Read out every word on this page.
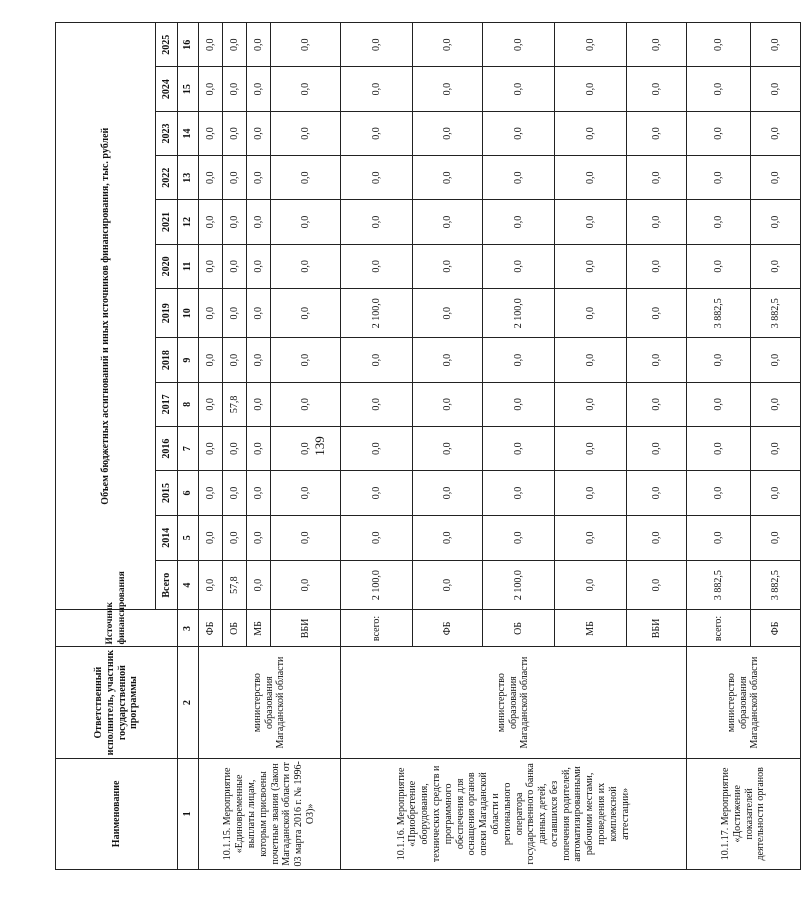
139
Наименование	Ответственный исполнитель, участник государственной программы	Источник финансирования	Объем бюджетных ассигнований и иных источников финансирования, тыс. рублей												
			Всего	2014	2015	2016	2017	2018	2019	2020	2021	2022	2023	2024	2025
1	2	3	4	5	6	7	8	9	10	11	12	13	14	15	16
10.1.15. Мероприятие «Единовременные выплаты лицам, которым присвоены почетные звания (Закон Магаданской области от 03 марта 2016 г. № 1996-ОЗ)»	министерство образования Магаданской области	ФБ	0,0	0,0	0,0	0,0	0,0	0,0	0,0	0,0	0,0	0,0	0,0	0,0	0,0
		ОБ	57,8	0,0	0,0	0,0	57,8	0,0	0,0	0,0	0,0	0,0	0,0	0,0	0,0
		МБ	0,0	0,0	0,0	0,0	0,0	0,0	0,0	0,0	0,0	0,0	0,0	0,0	0,0
		ВБИ	0,0	0,0	0,0	0,0	0,0	0,0	0,0	0,0	0,0	0,0	0,0	0,0	0,0
10.1.16. Мероприятие «Приобретение оборудования, технических средств и программного обеспечения для оснащения органов опеки Магаданской области и регионального оператора государственного банка данных детей, оставшихся без попечения родителей, автоматизированными рабочими местами, проведения их комплексной аттестации»	министерство образования Магаданской области	всего:	2 100,0	0,0	0,0	0,0	0,0	0,0	2 100,0	0,0	0,0	0,0	0,0	0,0	0,0
		ФБ	0,0	0,0	0,0	0,0	0,0	0,0	0,0	0,0	0,0	0,0	0,0	0,0	0,0
		ОБ	2 100,0	0,0	0,0	0,0	0,0	0,0	2 100,0	0,0	0,0	0,0	0,0	0,0	0,0
		МБ	0,0	0,0	0,0	0,0	0,0	0,0	0,0	0,0	0,0	0,0	0,0	0,0	0,0
		ВБИ	0,0	0,0	0,0	0,0	0,0	0,0	0,0	0,0	0,0	0,0	0,0	0,0	0,0
10.1.17. Мероприятие «Достижение показателей деятельности органов	министерство образования Магаданской области	всего:	3 882,5	0,0	0,0	0,0	0,0	0,0	3 882,5	0,0	0,0	0,0	0,0	0,0	0,0
		ФБ	3 882,5	0,0	0,0	0,0	0,0	0,0	3 882,5	0,0	0,0	0,0	0,0	0,0	0,0
